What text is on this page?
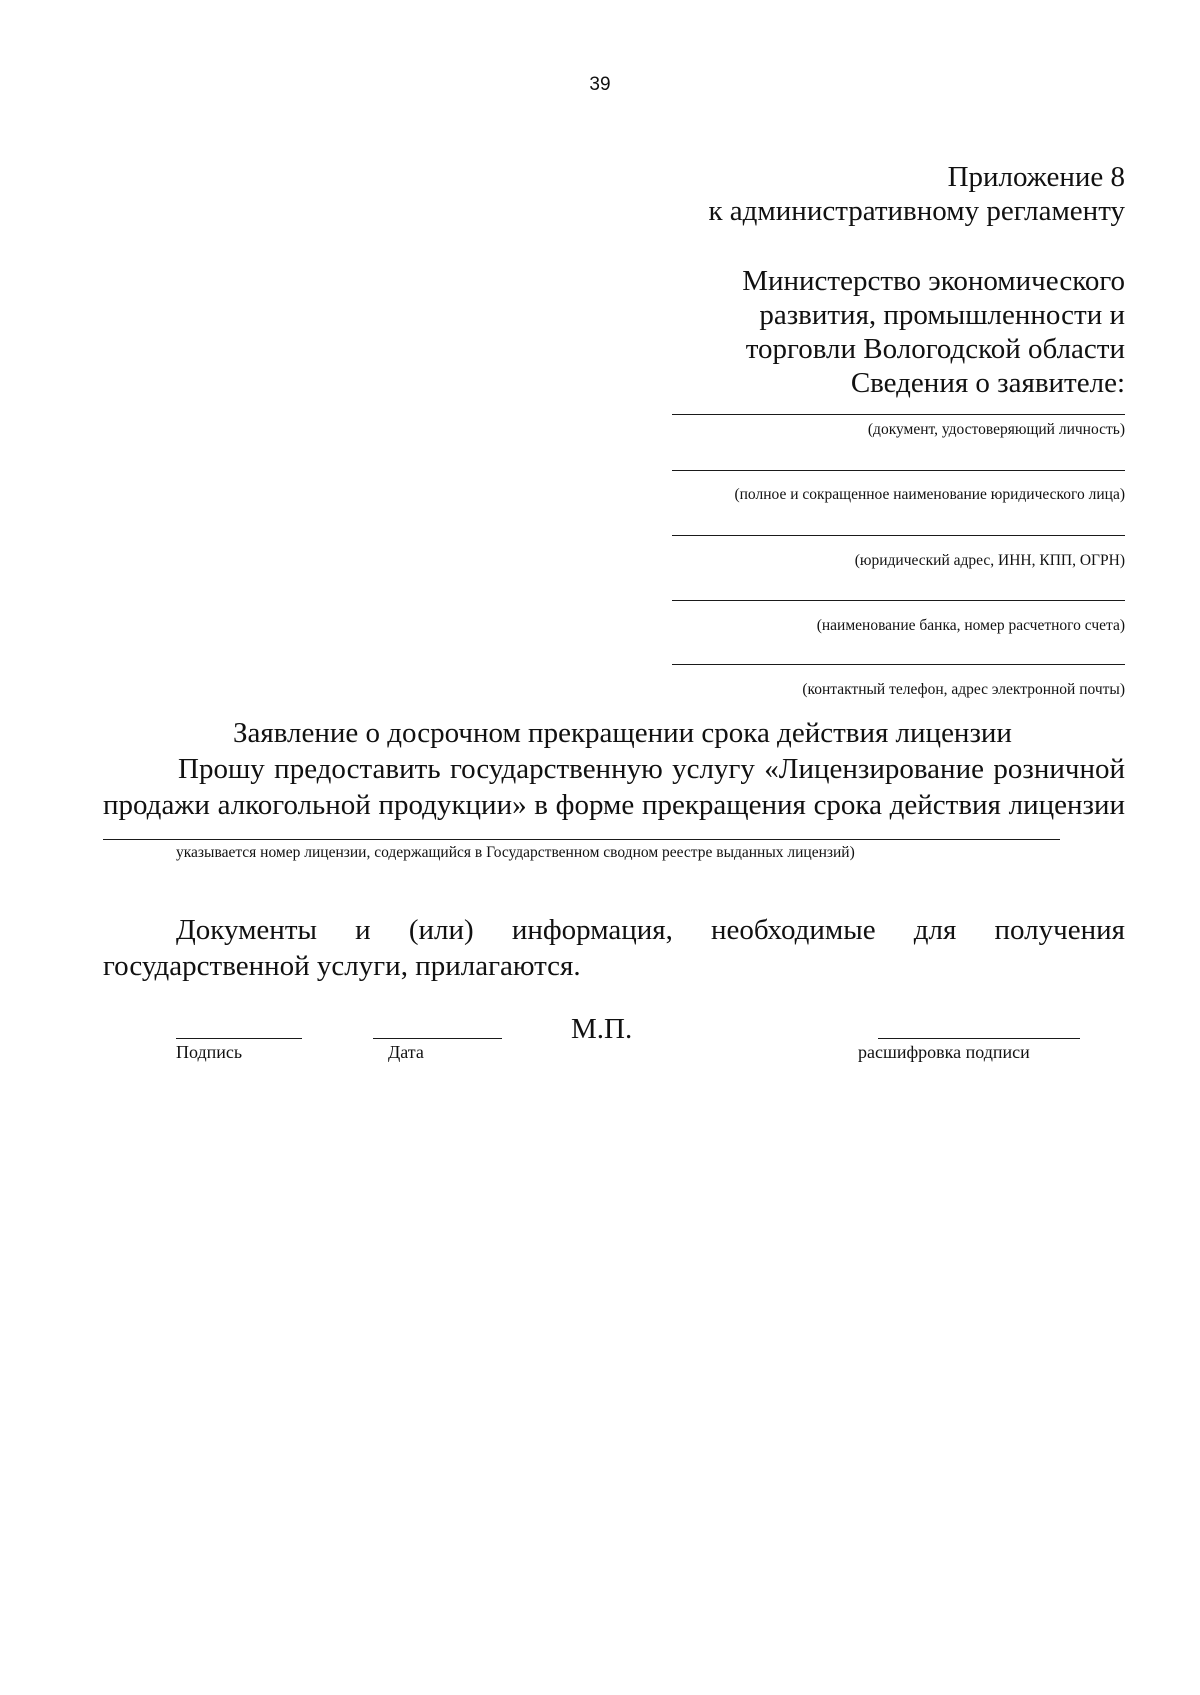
39
Приложение 8
к административному регламенту
Министерство экономического
развития, промышленности и
торговли Вологодской области
Сведения о заявителе:
(документ, удостоверяющий личность)
(полное и сокращенное наименование юридического лица)
(юридический адрес, ИНН, КПП, ОГРН)
(наименование банка, номер расчетного счета)
(контактный телефон, адрес электронной почты)
Заявление о досрочном прекращении срока действия лицензии
Прошу предоставить государственную услугу «Лицензирование розничной
продажи алкогольной продукции» в форме прекращения срока действия лицензии
указывается номер лицензии, содержащийся в Государственном сводном реестре выданных лицензий)
Документы и (или) информация, необходимые для получения
государственной услуги, прилагаются.
М.П.
Подпись	Дата	расшифровка подписи
